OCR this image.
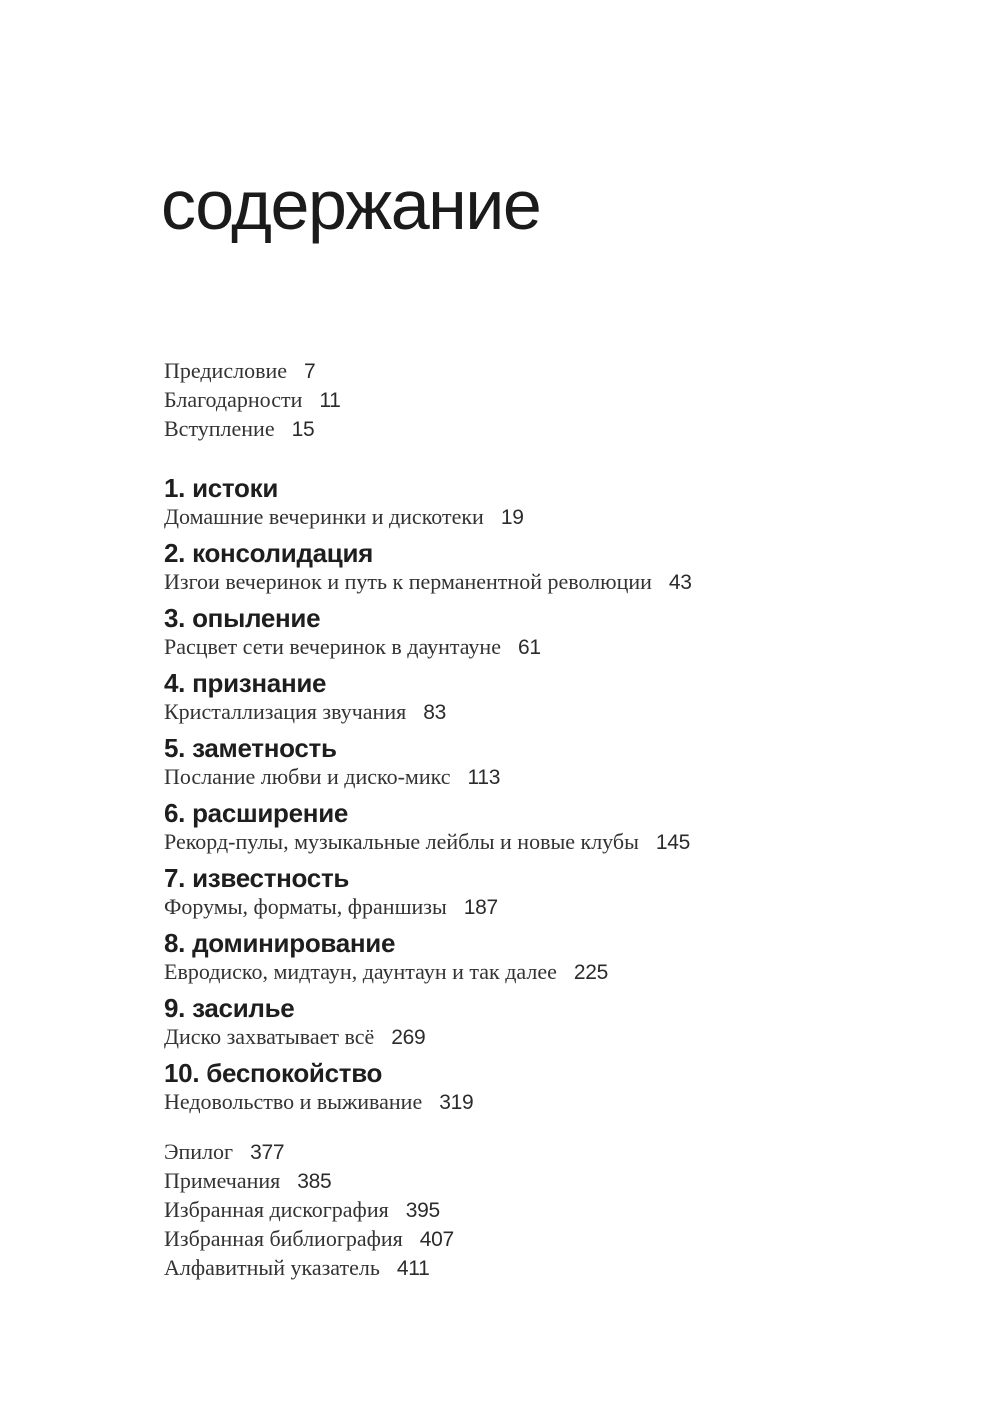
содержание
Предисловие 7
Благодарности 11
Вступление 15
1. истоки

Домашние вечеринки и дискотеки 19

2. консолидация

Изгои вечеринок и путь к перманентной революции 43

3. опыление

Расцвет сети вечеринок в даунтауне 61

4. признание

Кристаллизация звучания 83

5. заметность

Послание любви и диско-микс 113

6. расширение

Рекорд-пулы, музыкальные лейблы и новые клубы 145

7. известность

Форумы, форматы, франшизы 187

8. доминирование

Евродиско, мидтаун, даунтаун и так далее 225

9. засилье

Диско захватывает всё 269

10. беспокойство

Недовольство и выживание 319

Эпилог 377
Примечания 385
Избранная дискография 395
Избранная библиография 407
Алфавитный указатель 411
